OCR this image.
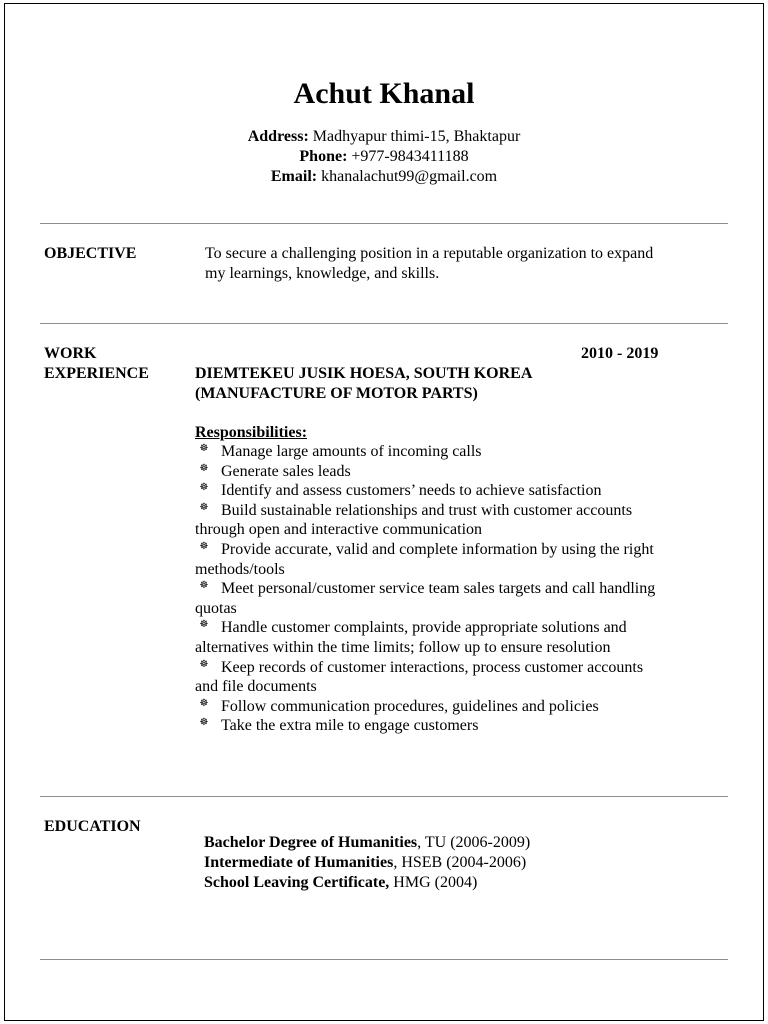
Achut Khanal
Address: Madhyapur thimi-15, Bhaktapur
Phone: +977-9843411188
Email: khanalachut99@gmail.com
OBJECTIVE	To secure a challenging position in a reputable organization to expand my learnings, knowledge, and skills.
WORK
EXPERIENCE
2010 - 2019
DIEMTEKEU JUSIK HOESA, SOUTH KOREA
(MANUFACTURE OF MOTOR PARTS)
Responsibilities:
☸ Manage large amounts of incoming calls
☸ Generate sales leads
☸ Identify and assess customers’ needs to achieve satisfaction
☸ Build sustainable relationships and trust with customer accounts through open and interactive communication
☸ Provide accurate, valid and complete information by using the right methods/tools
☸ Meet personal/customer service team sales targets and call handling quotas
☸ Handle customer complaints, provide appropriate solutions and alternatives within the time limits; follow up to ensure resolution
☸ Keep records of customer interactions, process customer accounts and file documents
☸ Follow communication procedures, guidelines and policies
☸ Take the extra mile to engage customers
EDUCATION
Bachelor Degree of Humanities, TU (2006-2009)
Intermediate of Humanities, HSEB (2004-2006)
School Leaving Certificate, HMG (2004)
